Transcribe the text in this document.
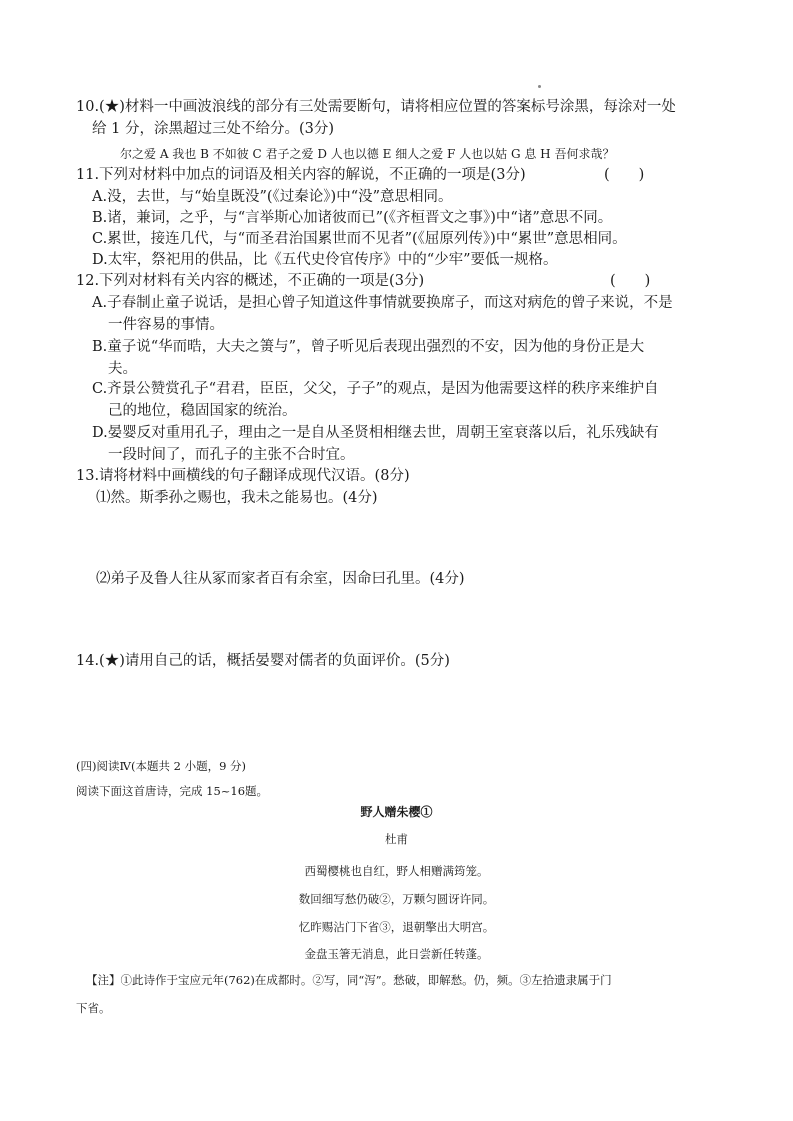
10.(★)材料一中画波浪线的部分有三处需要断句，请将相应位置的答案标号涂黑，每涂对一处
给 1 分，涂黑超过三处不给分。(3分)
尔之爱 A 我也 B 不如彼 C 君子之爱 D 人也以德 E 细人之爱 F 人也以姑 G 息 H 吾何求哉？
11.下列对材料中加点的词语及相关内容的解说，不正确的一项是(3分)	(　　)
A.没，去世，与“始皇既没”(《过秦论》)中“没”意思相同。
B.诸，兼词，之乎，与“言举斯心加诸彼而已”(《齐桓晋文之事》)中“诸”意思不同。
C.累世，接连几代，与“而圣君治国累世而不见者”(《屈原列传》)中“累世”意思相同。
D.太牢，祭祀用的供品，比《五代史伶官传序》中的“少牢”要低一规格。
12.下列对材料有关内容的概述，不正确的一项是(3分)	(　　)
A.子春制止童子说话，是担心曾子知道这件事情就要换席子，而这对病危的曾子来说，不是
一件容易的事情。
B.童子说“华而晧，大夫之箦与”，曾子听见后表现出强烈的不安，因为他的身份正是大
夫。
C.齐景公赞赏孔子“君君，臣臣，父父，子子”的观点，是因为他需要这样的秩序来维护自
己的地位，稳固国家的统治。
D.晏婴反对重用孔子，理由之一是自从圣贤相相继去世，周朝王室衰落以后，礼乐残缺有
一段时间了，而孔子的主张不合时宜。
13.请将材料中画横线的句子翻译成现代汉语。(8分)
⑴然。斯季孙之赐也，我未之能易也。(4分)
⑵弟子及鲁人往从冢而家者百有余室，因命曰孔里。(4分)
14.(★)请用自己的话，概括晏婴对儒者的负面评价。(5分)
(四)阅读Ⅳ(本题共 2 小题，9 分)
阅读下面这首唐诗，完成 15~16题。
野人赠朱樱①
杜甫
西蜀樱桃也自红，野人相赠满筠笼。
数回细写愁仍破②，万颗匀圆讶许同。
忆昨赐沾门下省③，退朝擎出大明宫。
金盘玉箸无消息，此日尝新任转蓬。
【注】①此诗作于宝应元年(762)在成都时。②写，同“泻”。愁破，即解愁。仍，频。③左拾遗隶属于门
下省。
